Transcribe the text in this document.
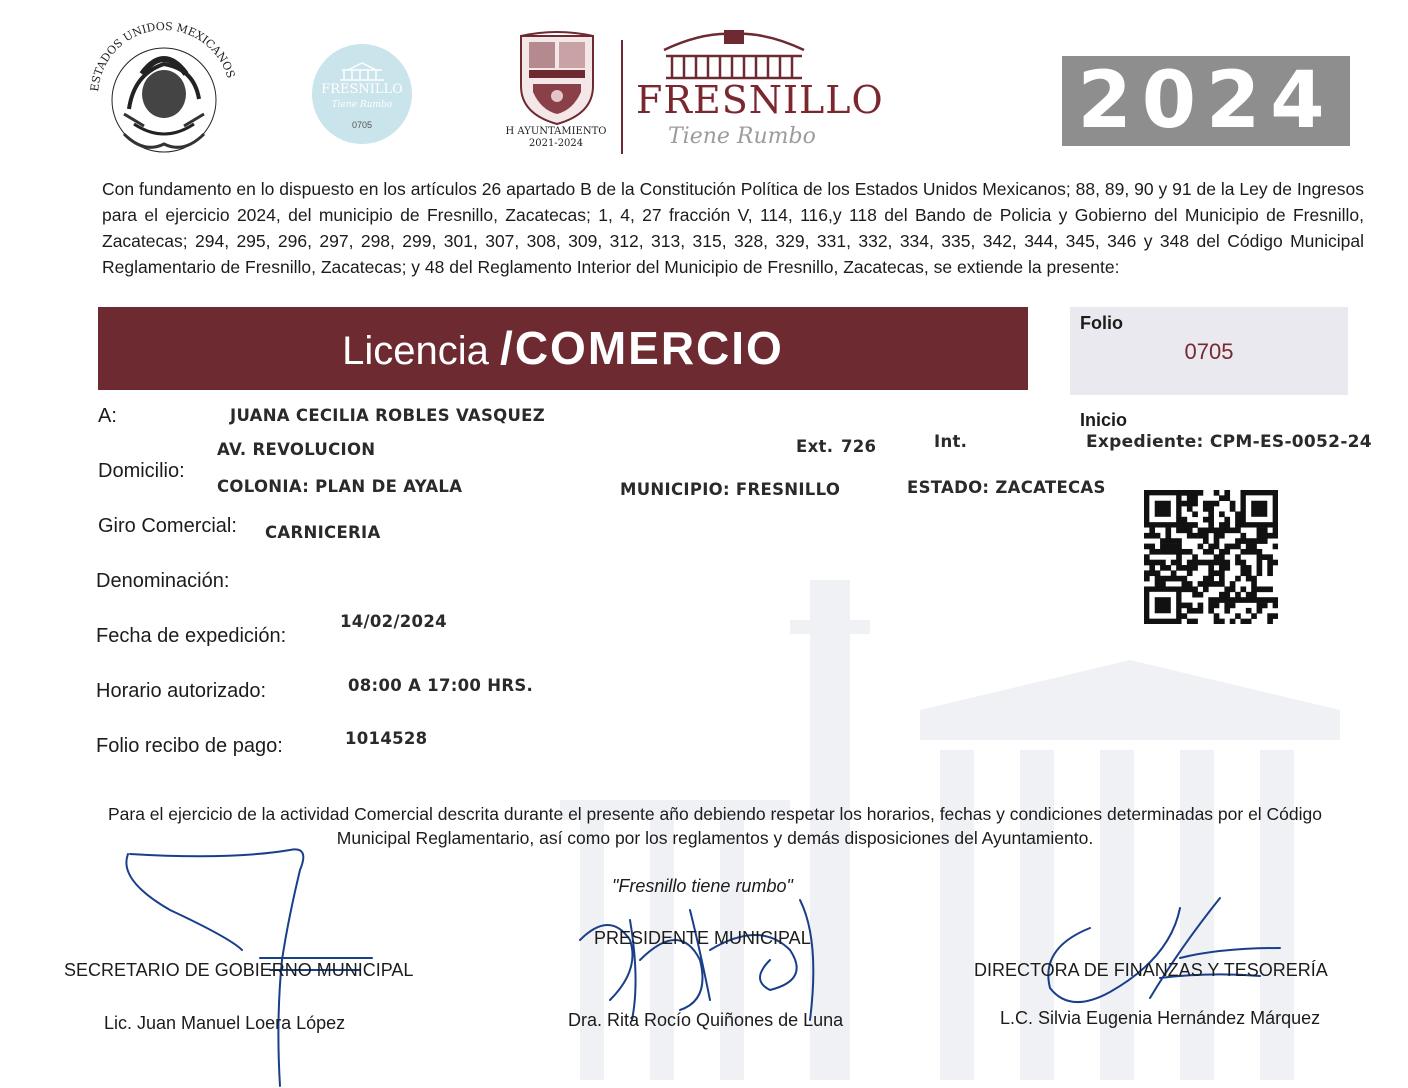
ESTADOS UNIDOS MEXICANOS
FRESNILLO
Tiene Rumbo
0705
H AYUNTAMIENTO
2021-2024
FRESNILLO
Tiene Rumbo	2024
Con fundamento en lo dispuesto en los artículos 26 apartado B de la Constitución Política de los Estados Unidos Mexicanos; 88, 89, 90 y 91 de la Ley de Ingresos para el ejercicio 2024, del municipio de Fresnillo, Zacatecas; 1, 4, 27 fracción V, 114, 116,y 118 del Bando de Policia y Gobierno del Municipio de Fresnillo, Zacatecas; 294, 295, 296, 297, 298, 299, 301, 307, 308, 309, 312, 313, 315, 328, 329, 331, 332, 334, 335, 342, 344, 345, 346 y 348 del Código Municipal Reglamentario de Fresnillo, Zacatecas; y 48 del Reglamento Interior del Municipio de Fresnillo, Zacatecas, se extiende la presente:
Licencia /COMERCIO	Folio
0705
Inicio
Expediente: CPM-ES-0052-24
A:	JUANA CECILIA ROBLES VASQUEZ
Domicilio:
AV. REVOLUCION	Ext. 726	Int.
COLONIA: PLAN DE AYALA	MUNICIPIO: FRESNILLO	ESTADO: ZACATECAS
Giro Comercial: CARNICERIA
Denominación:
Fecha de expedición:
14/02/2024
Horario autorizado:	08:00 A 17:00 HRS.
Folio recibo de pago:	1014528
Para el ejercicio de la actividad Comercial descrita durante el presente año debiendo respetar los horarios, fechas y condiciones determinadas por el Código Municipal Reglamentario, así como por los reglamentos y demás disposiciones del Ayuntamiento.
"Fresnillo tiene rumbo"
SECRETARIO DE GOBIERNO MUNICIPAL
Lic. Juan Manuel Loera López
PRESIDENTE MUNICIPAL
Dra. Rita Rocío Quiñones de Luna
DIRECTORA DE FINANZAS Y TESORERÍA
L.C. Silvia Eugenia Hernández Márquez
